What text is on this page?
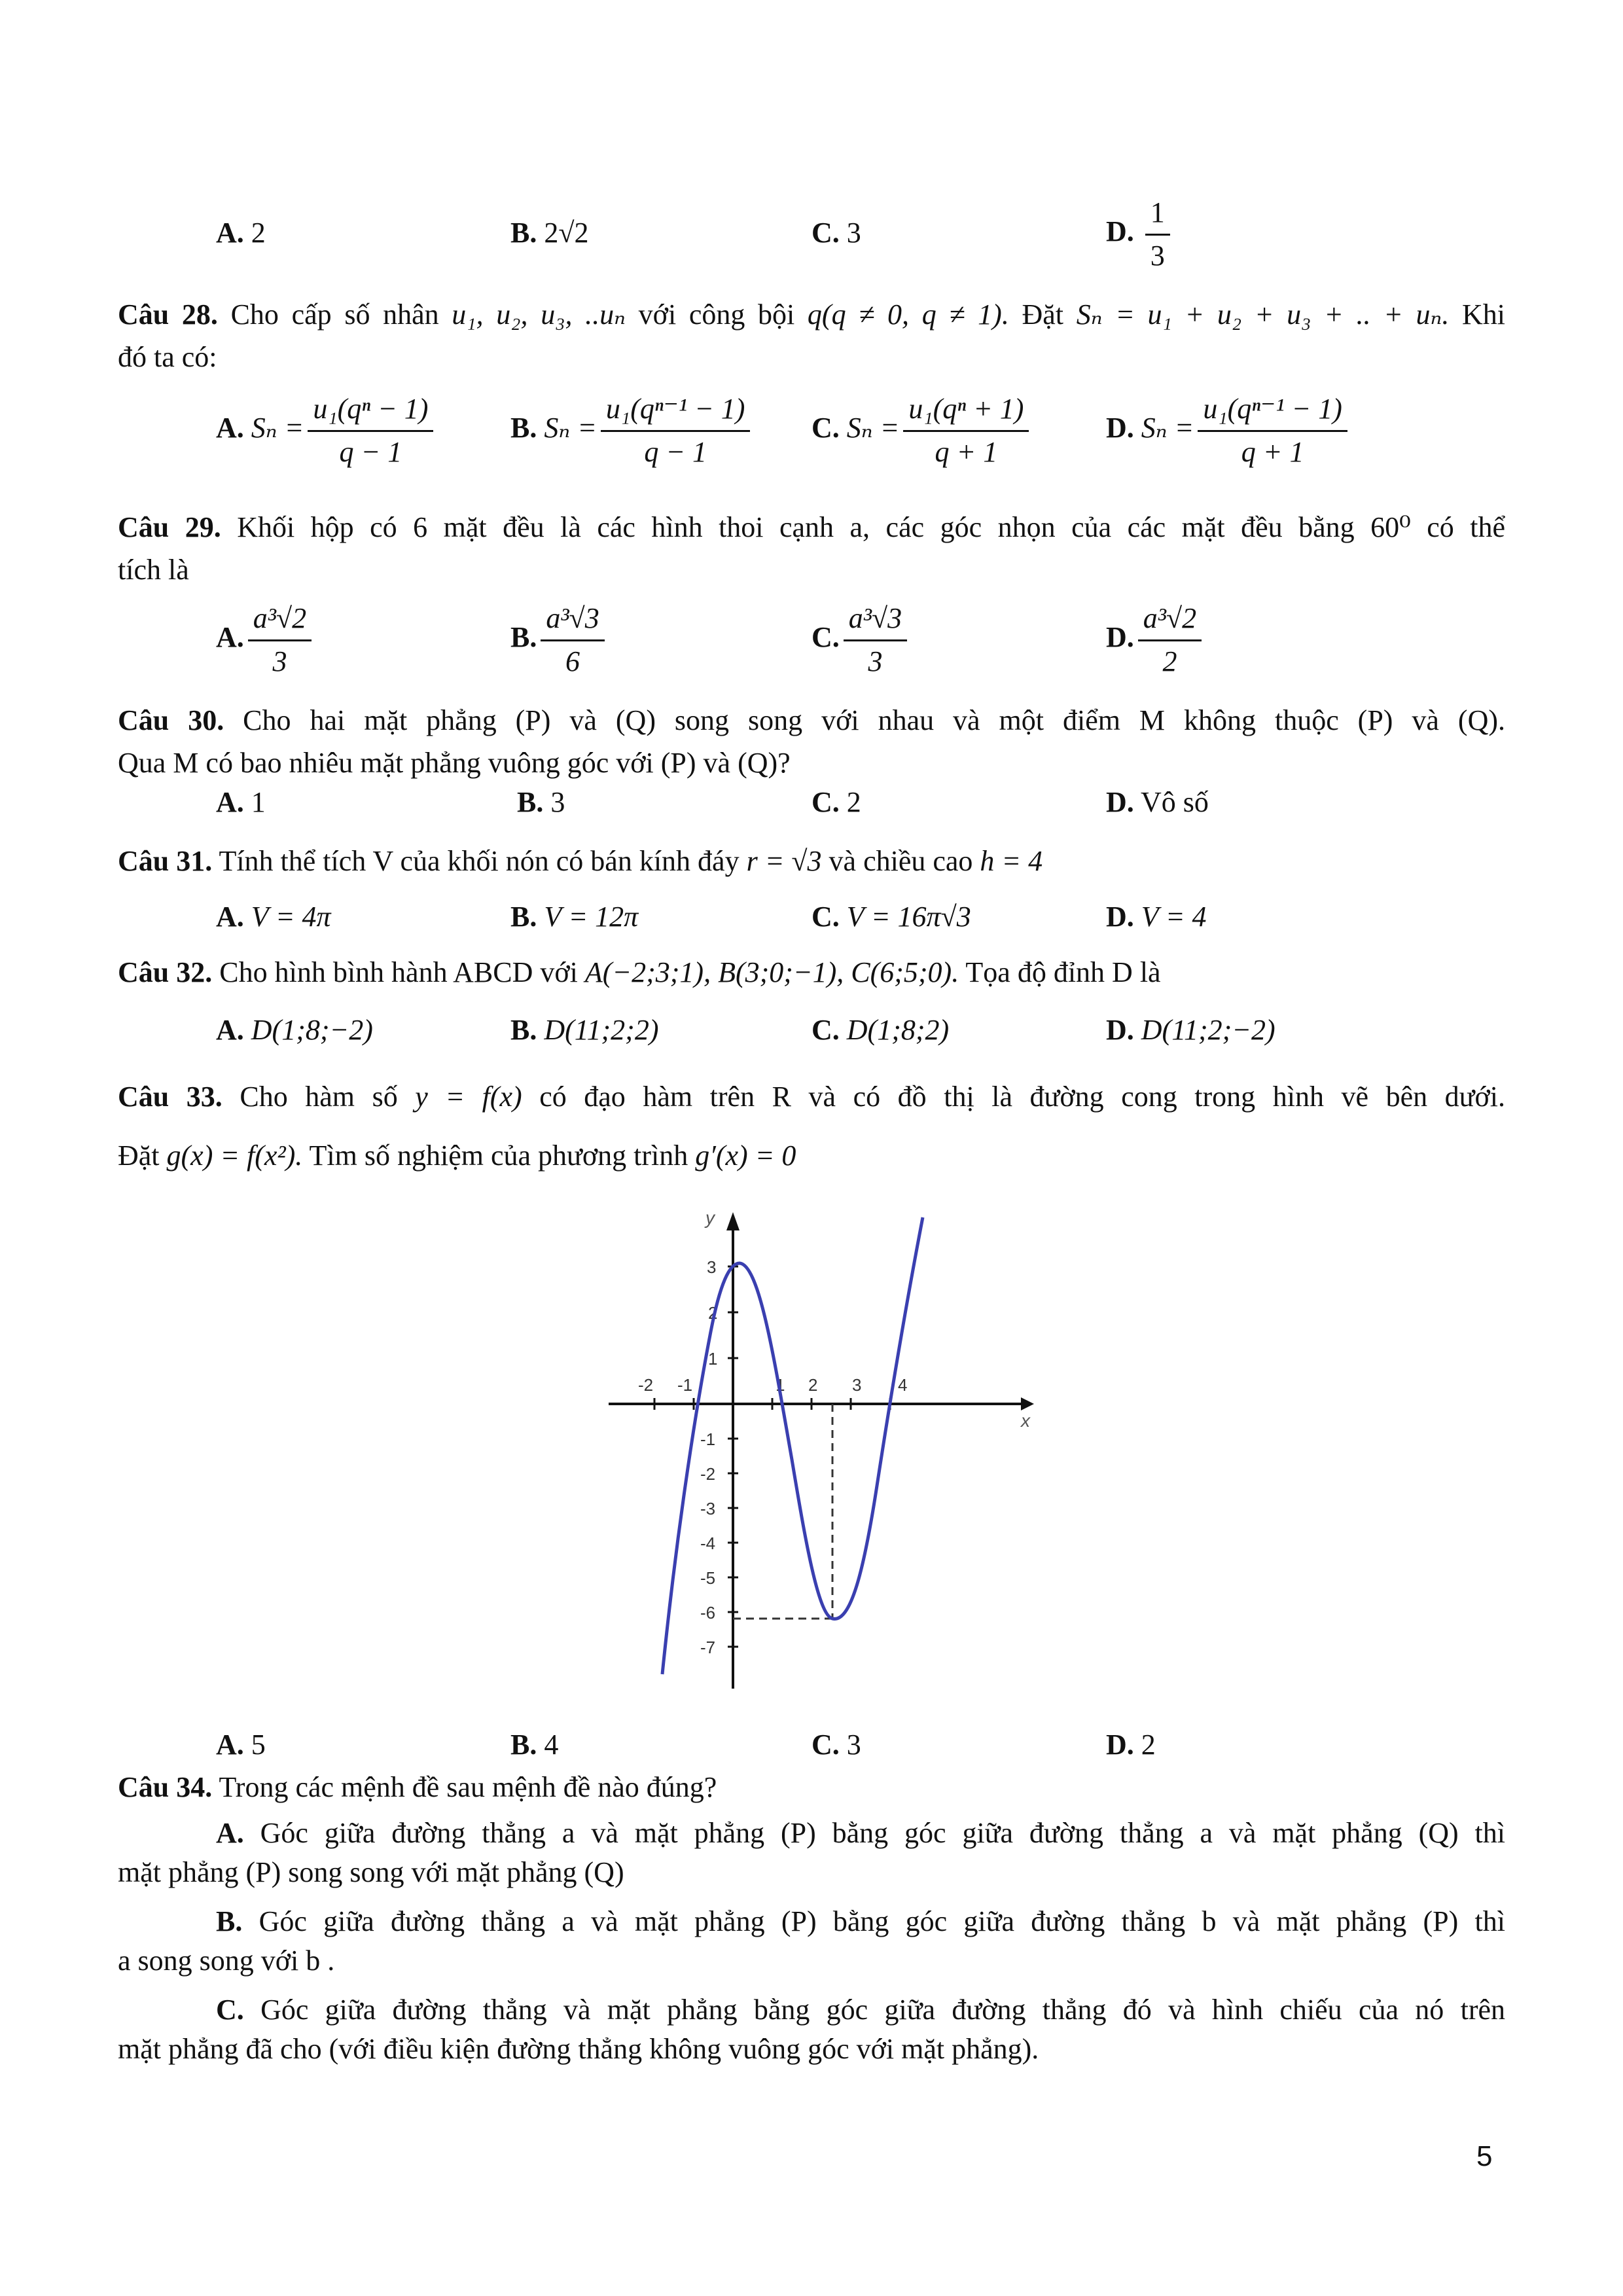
A. 2	B. 2√2	C. 3	D. $\frac{1}{3}$
Câu 28. Cho cấp số nhân u₁, u₂, u₃, ..uₙ với công bội q(q ≠ 0, q ≠ 1). Đặt Sₙ = u₁ + u₂ + u₃ + .. + uₙ. Khi
đó ta có:
A. $S_n = \frac{\text{u₁(qⁿ − 1)}}{q - 1}$	B. $S_n = \frac{\text{u₁(qⁿ⁻¹ − 1)}}{q - 1} C$. $S_n = \frac{\text{u₁(qⁿ + 1)}}{q + 1}$	D. $S_n = \frac{\text{u₁(qⁿ⁻¹ − 1)}}{q + 1}$
Câu 29. Khối hộp có 6 mặt đều là các hình thoi cạnh a, các góc nhọn của các mặt đều bằng 60⁰ có thể
tích là
A. $\frac{\text{a³√2}}{3}$	B. $\frac{\text{a³√3}}{6}$	C. $\frac{\text{a³√3}}{3}$	D. $\frac{\text{a³√2}}{2}$
Câu 30. Cho hai mặt phẳng (P) và (Q) song song với nhau và một điểm M không thuộc (P) và (Q).
Qua M có bao nhiêu mặt phẳng vuông góc với (P) và (Q)?
A. 1	B. 3	C. 2	D. Vô số
Câu 31. Tính thể tích V của khối nón có bán kính đáy r = √3 và chiều cao h = 4
A. V = 4π	B. V = 12π	C. V = 16π√3	D. V = 4
Câu 32. Cho hình bình hành ABCD với A(−2;3;1), B(3;0;−1), C(6;5;0). Tọa độ đỉnh D là
A. D(1;8;−2)	B. D(11;2;2)	C. D(1;8;2)	D. D(11;2;−2)
Câu 33. Cho hàm số y = f(x) có đạo hàm trên R và có đồ thị là đường cong trong hình vẽ bên dưới.
Đặt g(x) = f(x²). Tìm số nghiệm của phương trình g′(x) = 0
x
y
-2 -1	1 2 3 4
3
2
1
-1
-2
-3
-4
-5
-6
-7
A. 5	B. 4	C. 3	D. 2
Câu 34. Trong các mệnh đề sau mệnh đề nào đúng?
A. Góc giữa đường thẳng a và mặt phẳng (P) bằng góc giữa đường thẳng a và mặt phẳng (Q) thì
mặt phẳng (P) song song với mặt phẳng (Q)
B. Góc giữa đường thẳng a và mặt phẳng (P) bằng góc giữa đường thẳng b và mặt phẳng (P) thì
a song song với b .
C. Góc giữa đường thẳng và mặt phẳng bằng góc giữa đường thẳng đó và hình chiếu của nó trên
mặt phẳng đã cho (với điều kiện đường thẳng không vuông góc với mặt phẳng).
5
